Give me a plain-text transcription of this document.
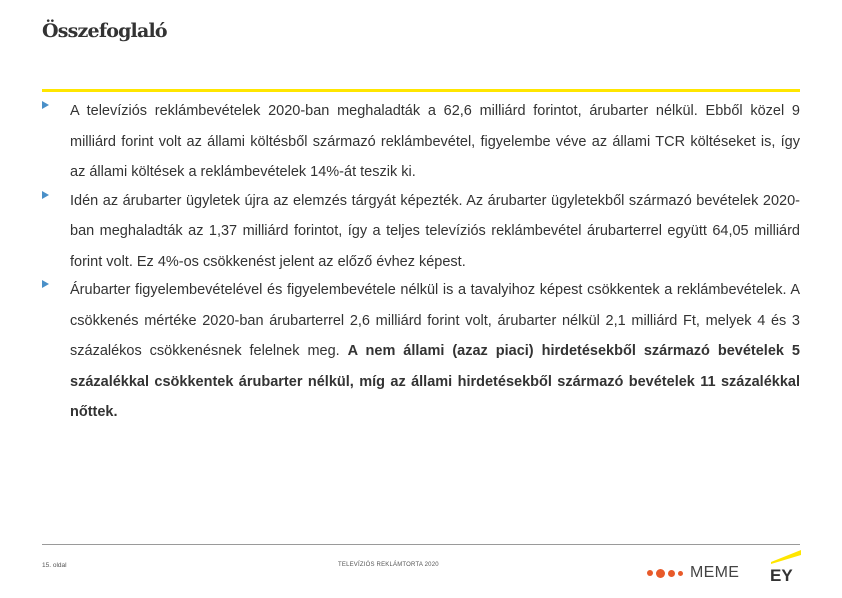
Összefoglaló
A televíziós reklámbevételek 2020-ban meghaladták a 62,6 milliárd forintot, árubarter nélkül. Ebből közel 9 milliárd forint volt az állami költésből származó reklámbevétel, figyelembe véve az állami TCR költéseket is, így az állami költések a reklámbevételek 14%-át teszik ki.
Idén az árubarter ügyletek újra az elemzés tárgyát képezték. Az árubarter ügyletekből származó bevételek 2020-ban meghaladták az 1,37 milliárd forintot, így a teljes televíziós reklámbevétel árubarterrel együtt 64,05 milliárd forint volt. Ez 4%-os csökkenést jelent az előző évhez képest.
Árubarter figyelembevételével és figyelembevétele nélkül is a tavalyihoz képest csökkentek a reklámbevételek. A csökkenés mértéke 2020-ban árubarterrel 2,6 milliárd forint volt, árubarter nélkül 2,1 milliárd Ft, melyek 4 és 3 százalékos csökkenésnek felelnek meg. A nem állami (azaz piaci) hirdetésekből származó bevételek 5 százalékkal csökkentek árubarter nélkül, míg az állami hirdetésekből származó bevételek 11 százalékkal nőttek.
15. oldal	TELEVÍZIÓS REKLÁMTORTA 2020	MEME EY
